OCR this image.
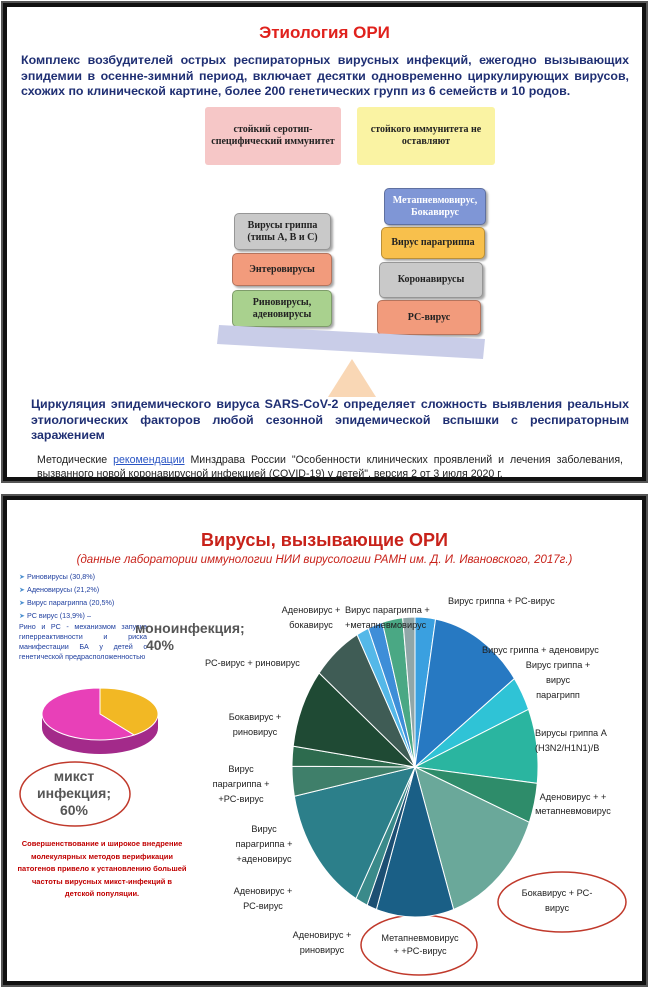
Этиология ОРИ
Комплекс возбудителей острых респираторных вирусных инфекций, ежегодно вызывающих эпидемии в осенне-зимний период, включает десятки одновременно циркулирующих вирусов, схожих по клинической картине, более 200 генетических групп из 6 семейств и 10 родов.
стойкий серотип-специфический иммунитет
стойкого иммунитета не оставляют
Вирусы гриппа (типы А, В и С)
Энтеровирусы
Риновирусы, аденовирусы
Метапневмовирус, Бокавирус
Вирус парагриппа
Коронавирусы
РС-вирус
Циркуляция эпидемического вируса SARS-CoV-2 определяет сложность выявления реальных этиологических факторов любой сезонной эпидемической вспышки с респираторным заражением
Методические рекомендации Минздрава России "Особенности клинических проявлений и лечения заболевания, вызванного новой коронавирусной инфекцией (COVID-19) у детей", версия 2 от 3 июля 2020 г.
Вирусы, вызывающие ОРИ
(данные лаборатории иммунологии НИИ вирусологии РАМН им. Д. И. Ивановского, 2017г.)
➤ Риновирусы (30,8%)
➤ Аденовирусы (21,2%)
➤ Вирус парагриппа (20,5%)
➤ РС вирус (13,9%) –
Рино и РС - механизмом запуска гиперреактивности и риска манифестации БА у детей с генетической предрасположенностью
моноинфекция; 40%
микст инфекция; 60%
Совершенствование и широкое внедрение молекулярных методов верификации патогенов привело к установлению большей частоты вирусных микст-инфекций в детской популяции.
Вирус гриппа + РС-вирус
Вирус гриппа + аденовирус
Вирус гриппа + вирус парагрипп
Вирусы гриппа А (H3N2/H1N1)/В
Аденовирус + + метапневмовирус
Бокавирус + РС-вирус
Метапневмовирус + +РС-вирус
Аденовирус + риновирус
Аденовирус + РС-вирус
Вирус парагриппа + +аденовирус
Вирус парагриппа + +РС-вирус
Бокавирус + риновирус
РС-вирус + риновирус
Аденовирус + бокавирус
Вирус парагриппа + +метапневмовирус
